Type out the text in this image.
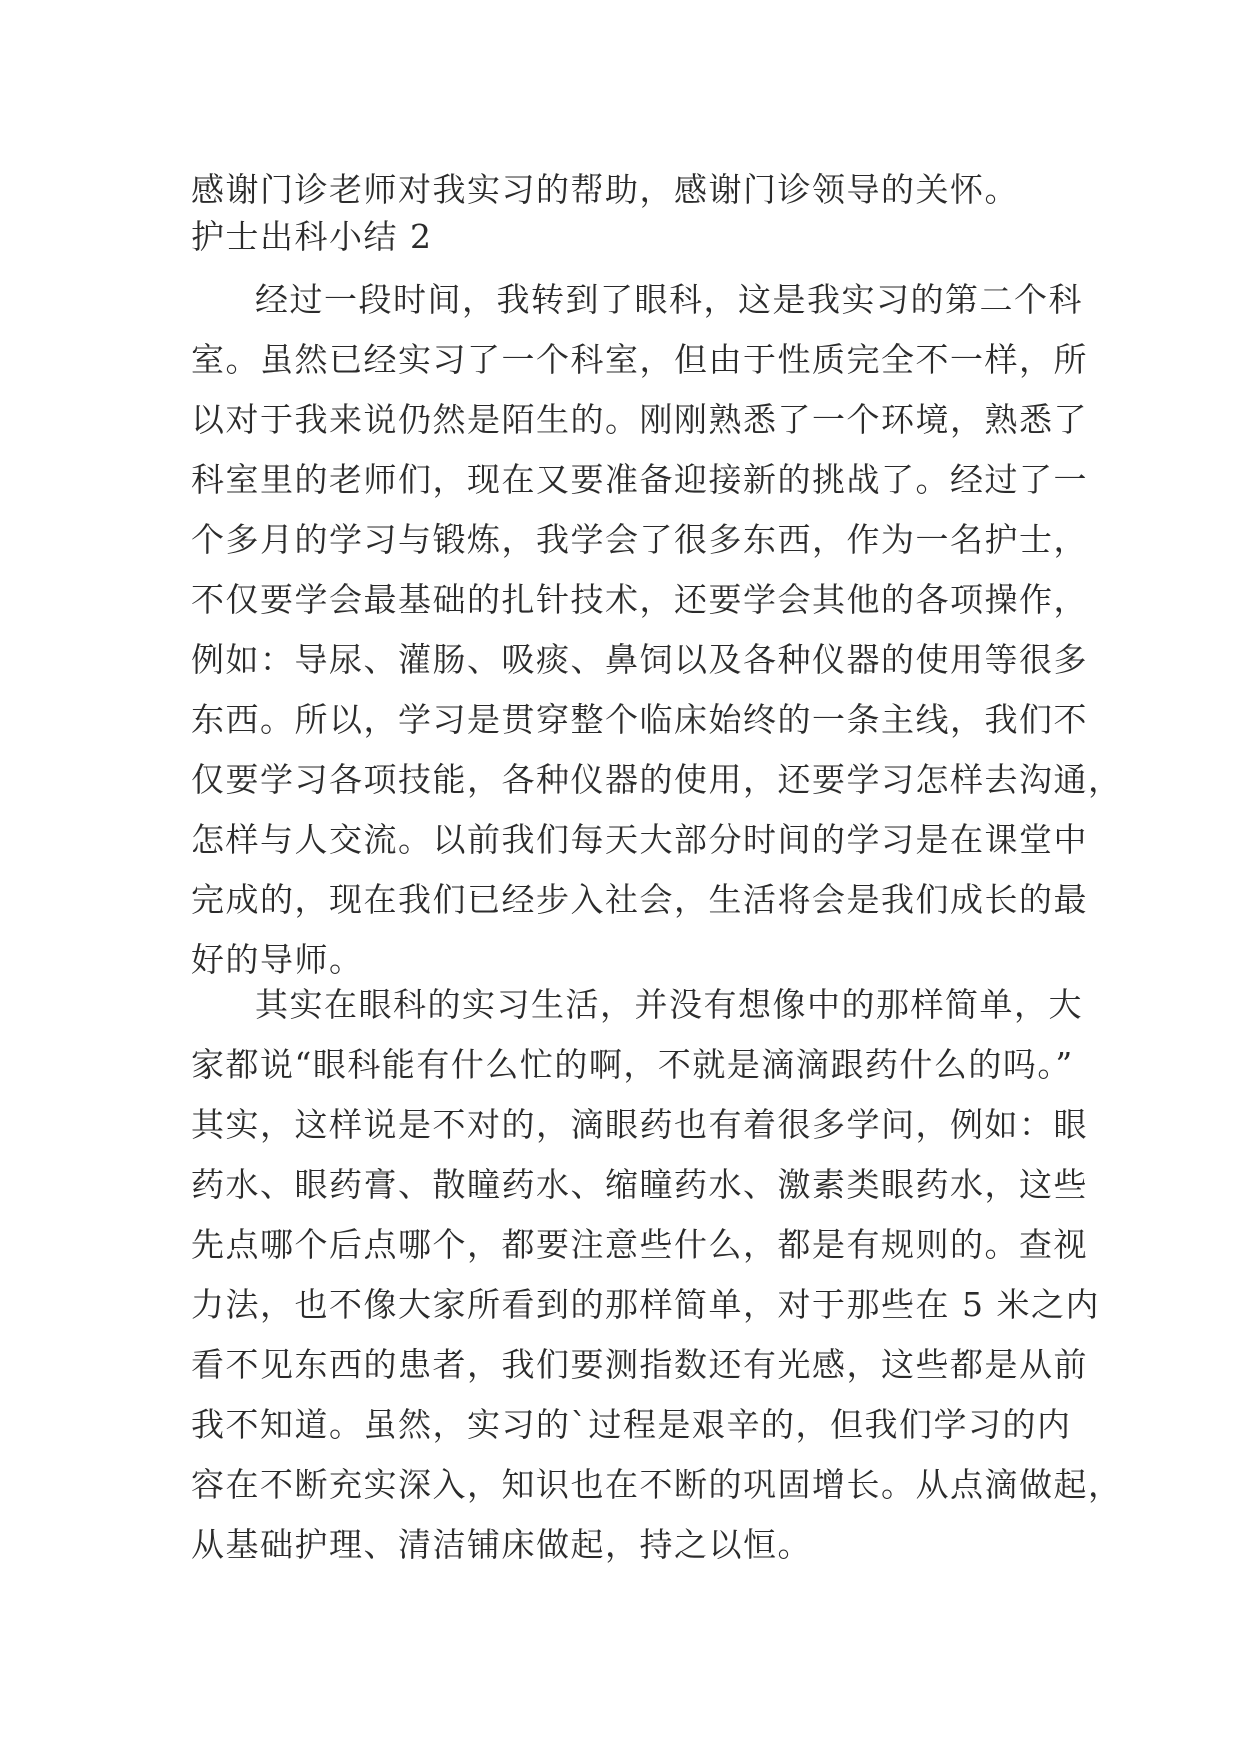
感谢门诊老师对我实习的帮助，感谢门诊领导的关怀。
护士出科小结 2
经过一段时间，我转到了眼科，这是我实习的第二个科
室。虽然已经实习了一个科室，但由于性质完全不一样，所
以对于我来说仍然是陌生的。刚刚熟悉了一个环境，熟悉了
科室里的老师们，现在又要准备迎接新的挑战了。经过了一
个多月的学习与锻炼，我学会了很多东西，作为一名护士，
不仅要学会最基础的扎针技术，还要学会其他的各项操作，
例如：导尿、灌肠、吸痰、鼻饲以及各种仪器的使用等很多
东西。所以，学习是贯穿整个临床始终的一条主线，我们不
仅要学习各项技能，各种仪器的使用，还要学习怎样去沟通，
怎样与人交流。以前我们每天大部分时间的学习是在课堂中
完成的，现在我们已经步入社会，生活将会是我们成长的最
好的导师。
其实在眼科的实习生活，并没有想像中的那样简单，大
家都说“眼科能有什么忙的啊，不就是滴滴跟药什么的吗。”
其实，这样说是不对的，滴眼药也有着很多学问，例如：眼
药水、眼药膏、散瞳药水、缩瞳药水、激素类眼药水，这些
先点哪个后点哪个，都要注意些什么，都是有规则的。查视
力法，也不像大家所看到的那样简单，对于那些在 5 米之内
看不见东西的患者，我们要测指数还有光感，这些都是从前
我不知道。虽然，实习的`过程是艰辛的，但我们学习的内
容在不断充实深入，知识也在不断的巩固增长。从点滴做起，
从基础护理、清洁铺床做起，持之以恒。
